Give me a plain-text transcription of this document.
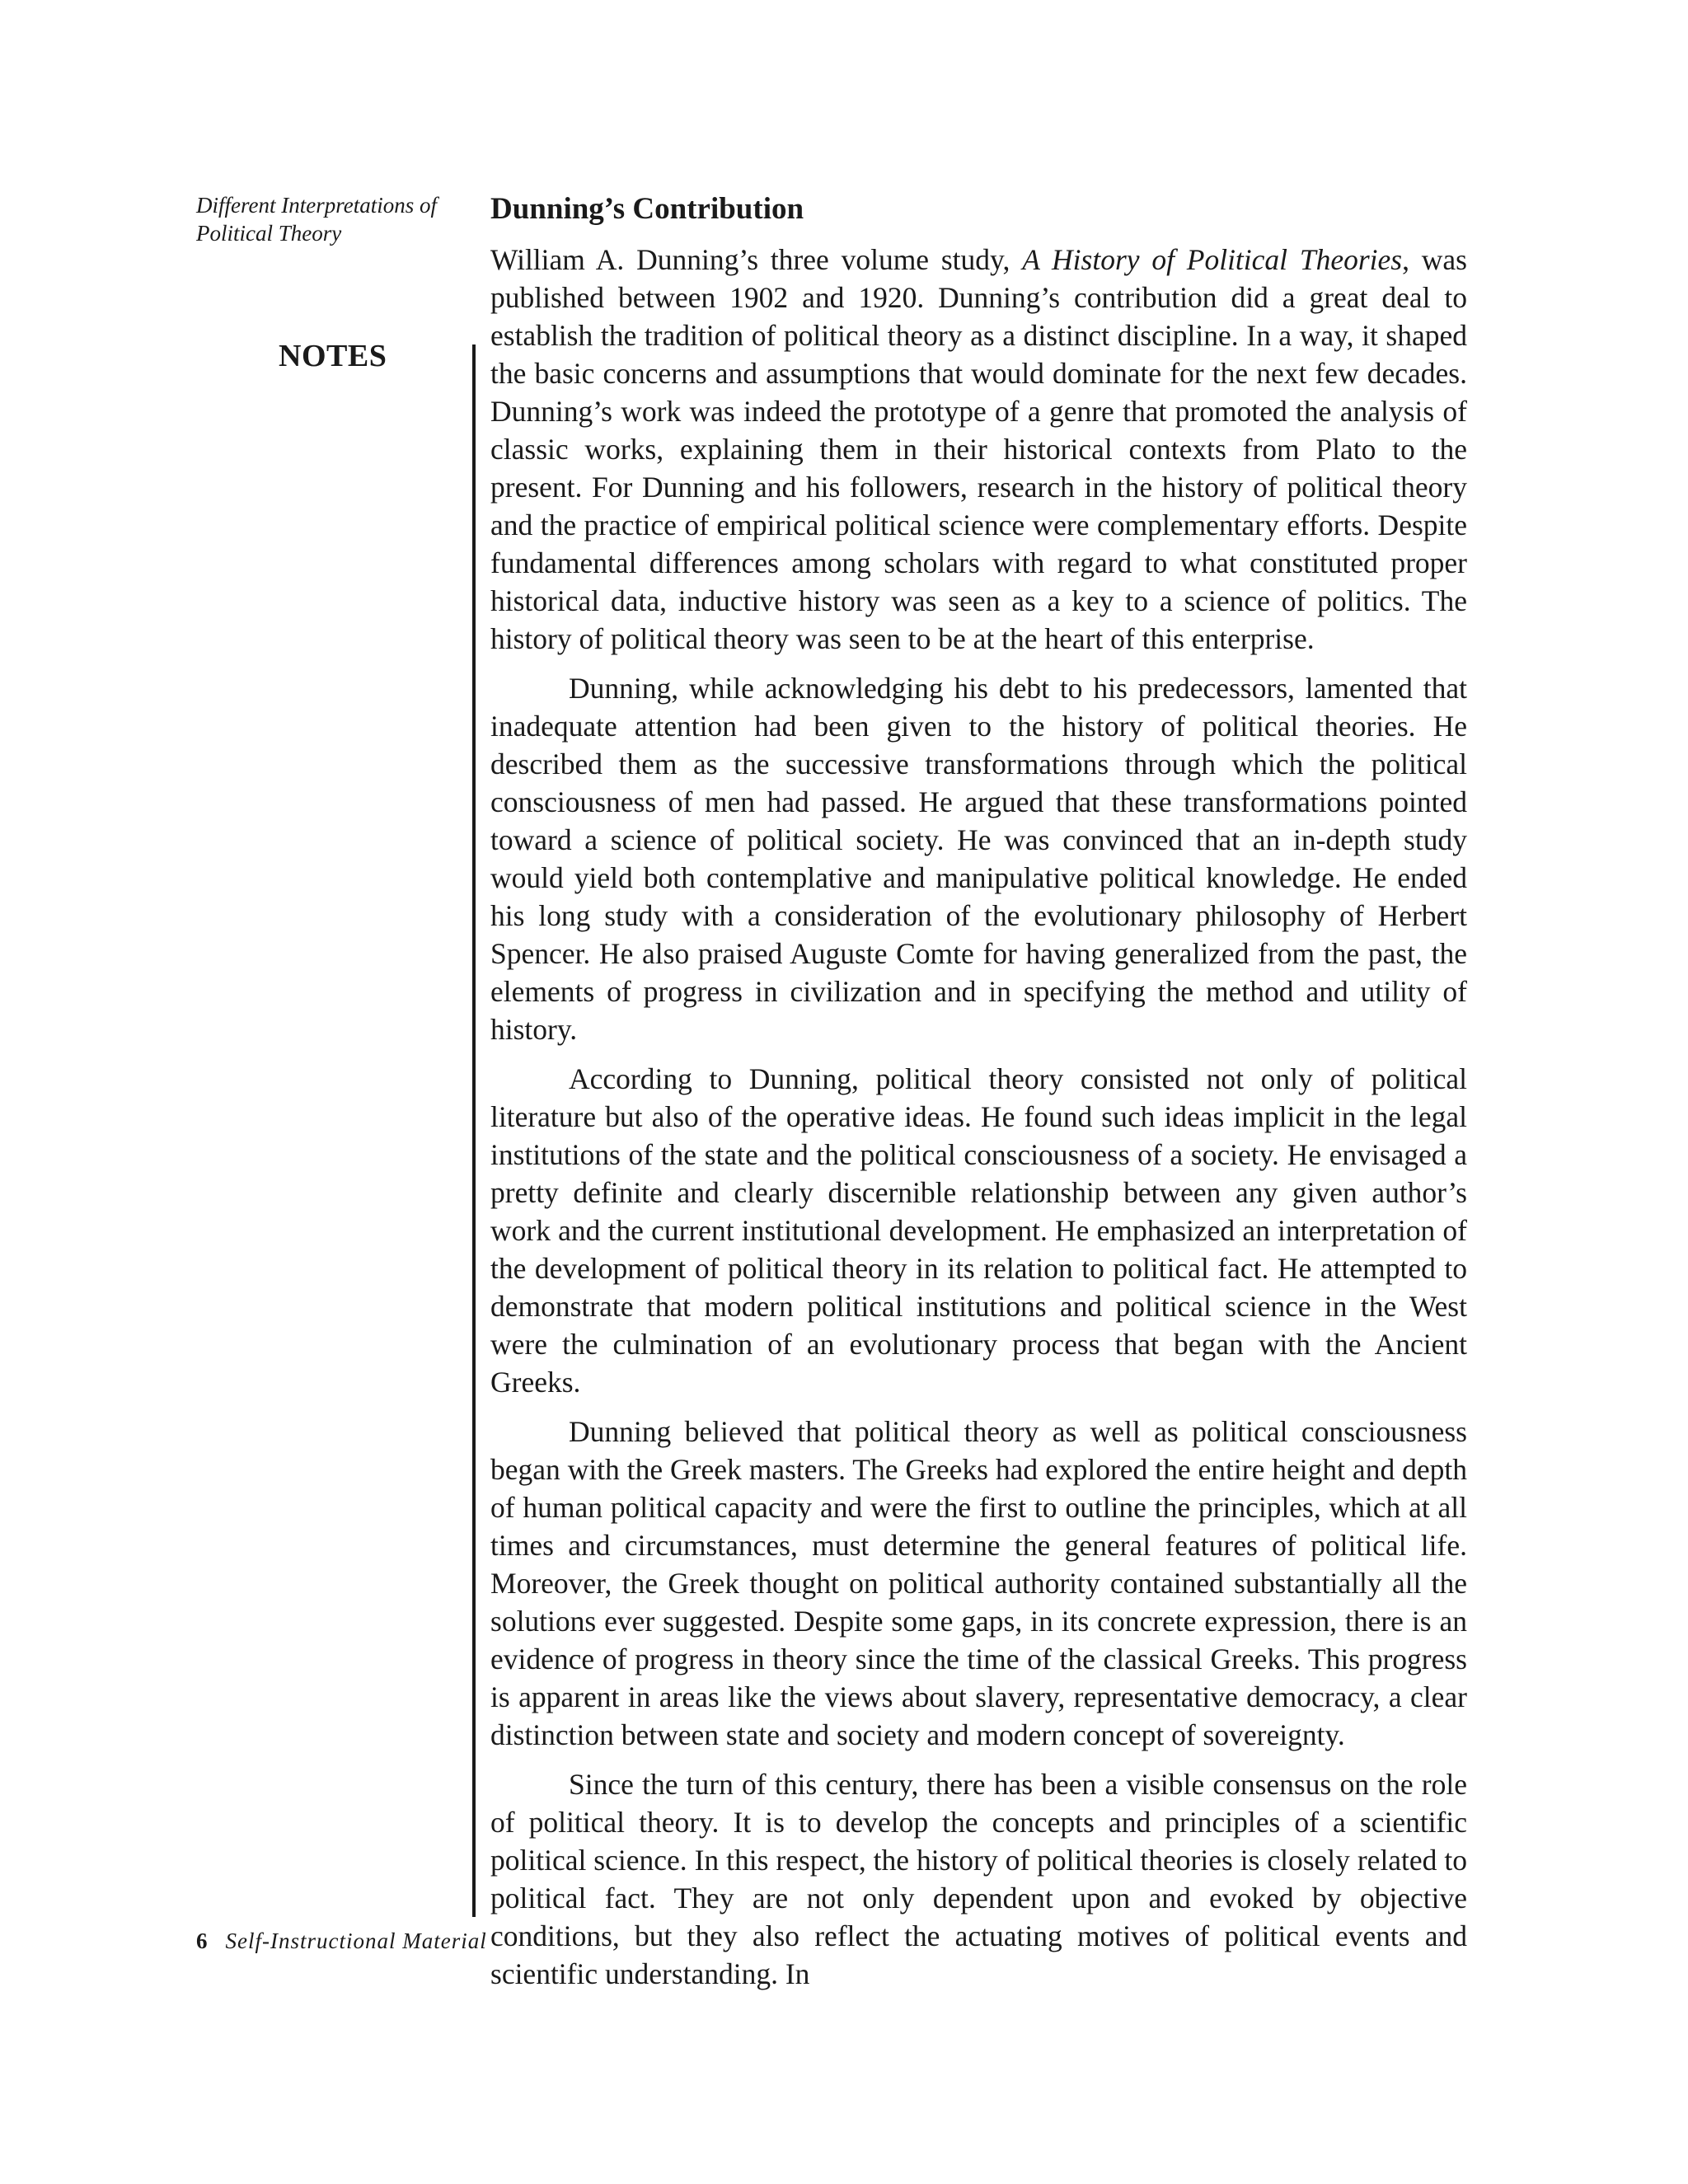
Different Interpretations of
Political Theory
NOTES
Dunning’s Contribution

William A. Dunning’s three volume study, A History of Political Theories, was published between 1902 and 1920. Dunning’s contribution did a great deal to establish the tradition of political theory as a distinct discipline. In a way, it shaped the basic concerns and assumptions that would dominate for the next few decades. Dunning’s work was indeed the prototype of a genre that promoted the analysis of classic works, explaining them in their historical contexts from Plato to the present. For Dunning and his followers, research in the history of political theory and the practice of empirical political science were complementary efforts. Despite fundamental differences among scholars with regard to what constituted proper historical data, inductive history was seen as a key to a science of politics. The history of political theory was seen to be at the heart of this enterprise.

Dunning, while acknowledging his debt to his predecessors, lamented that inadequate attention had been given to the history of political theories. He described them as the successive transformations through which the political consciousness of men had passed. He argued that these transformations pointed toward a science of political society. He was convinced that an in-depth study would yield both contemplative and manipulative political knowledge. He ended his long study with a consideration of the evolutionary philosophy of Herbert Spencer. He also praised Auguste Comte for having generalized from the past, the elements of progress in civilization and in specifying the method and utility of history.

According to Dunning, political theory consisted not only of political literature but also of the operative ideas. He found such ideas implicit in the legal institutions of the state and the political consciousness of a society. He envisaged a pretty definite and clearly discernible relationship between any given author’s work and the current institutional development. He emphasized an interpretation of the development of political theory in its relation to political fact. He attempted to demonstrate that modern political institutions and political science in the West were the culmination of an evolutionary process that began with the Ancient Greeks.

Dunning believed that political theory as well as political consciousness began with the Greek masters. The Greeks had explored the entire height and depth of human political capacity and were the first to outline the principles, which at all times and circumstances, must determine the general features of political life. Moreover, the Greek thought on political authority contained substantially all the solutions ever suggested. Despite some gaps, in its concrete expression, there is an evidence of progress in theory since the time of the classical Greeks. This progress is apparent in areas like the views about slavery, representative democracy, a clear distinction between state and society and modern concept of sovereignty.

Since the turn of this century, there has been a visible consensus on the role of political theory. It is to develop the concepts and principles of a scientific political science. In this respect, the history of political theories is closely related to political fact. They are not only dependent upon and evoked by objective conditions, but they also reflect the actuating motives of political events and scientific understanding. In

6 Self-Instructional Material
